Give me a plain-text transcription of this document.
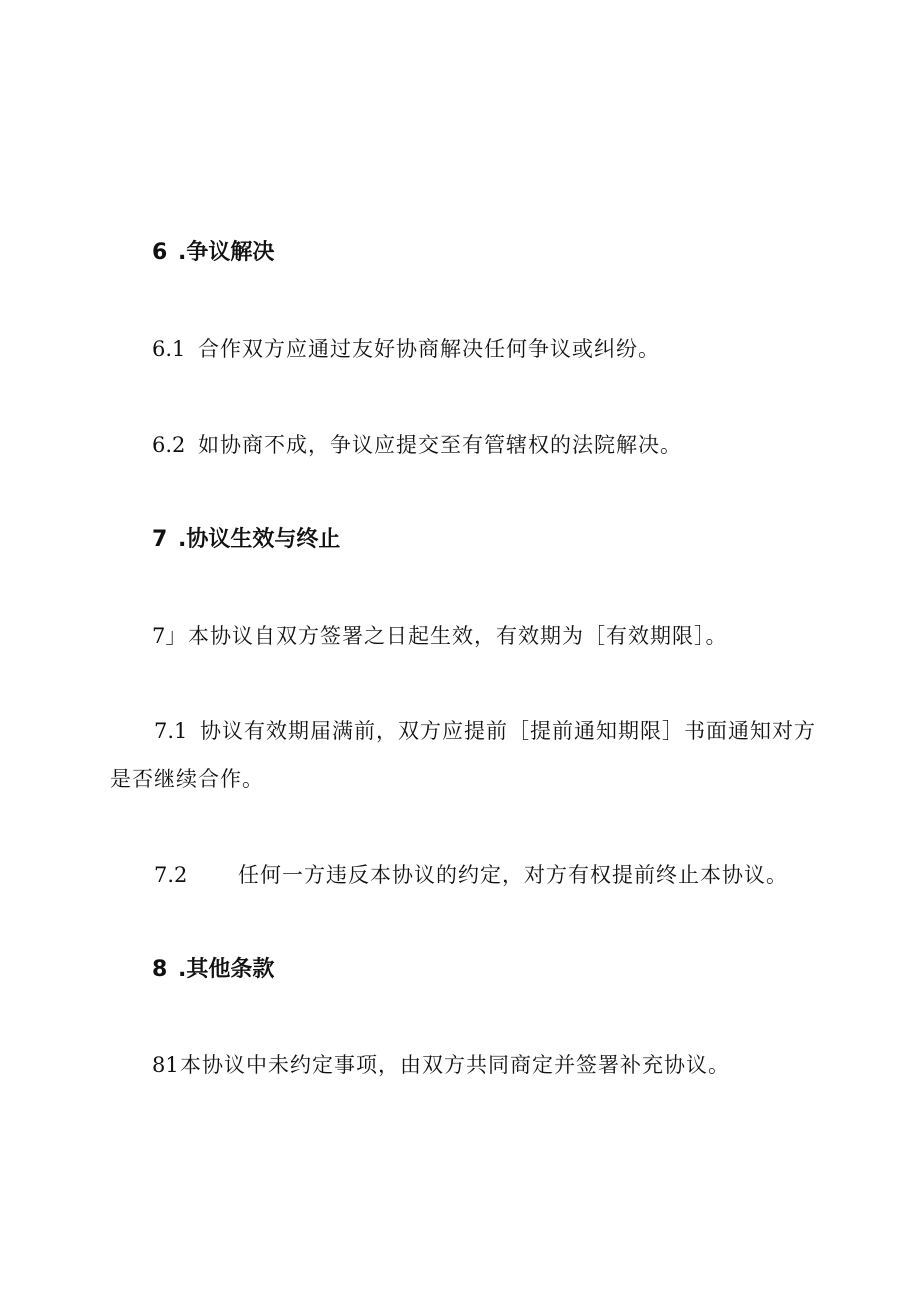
6 .争议解决
6.1 合作双方应通过友好协商解决任何争议或纠纷。
6.2 如协商不成，争议应提交至有管辖权的法院解决。
7 .协议生效与终止
7」本协议自双方签署之日起生效，有效期为［有效期限］。
7.1 协议有效期届满前，双方应提前［提前通知期限］书面通知对方
是否继续合作。
7.2 任何一方违反本协议的约定，对方有权提前终止本协议。
8 .其他条款
81本协议中未约定事项，由双方共同商定并签署补充协议。
